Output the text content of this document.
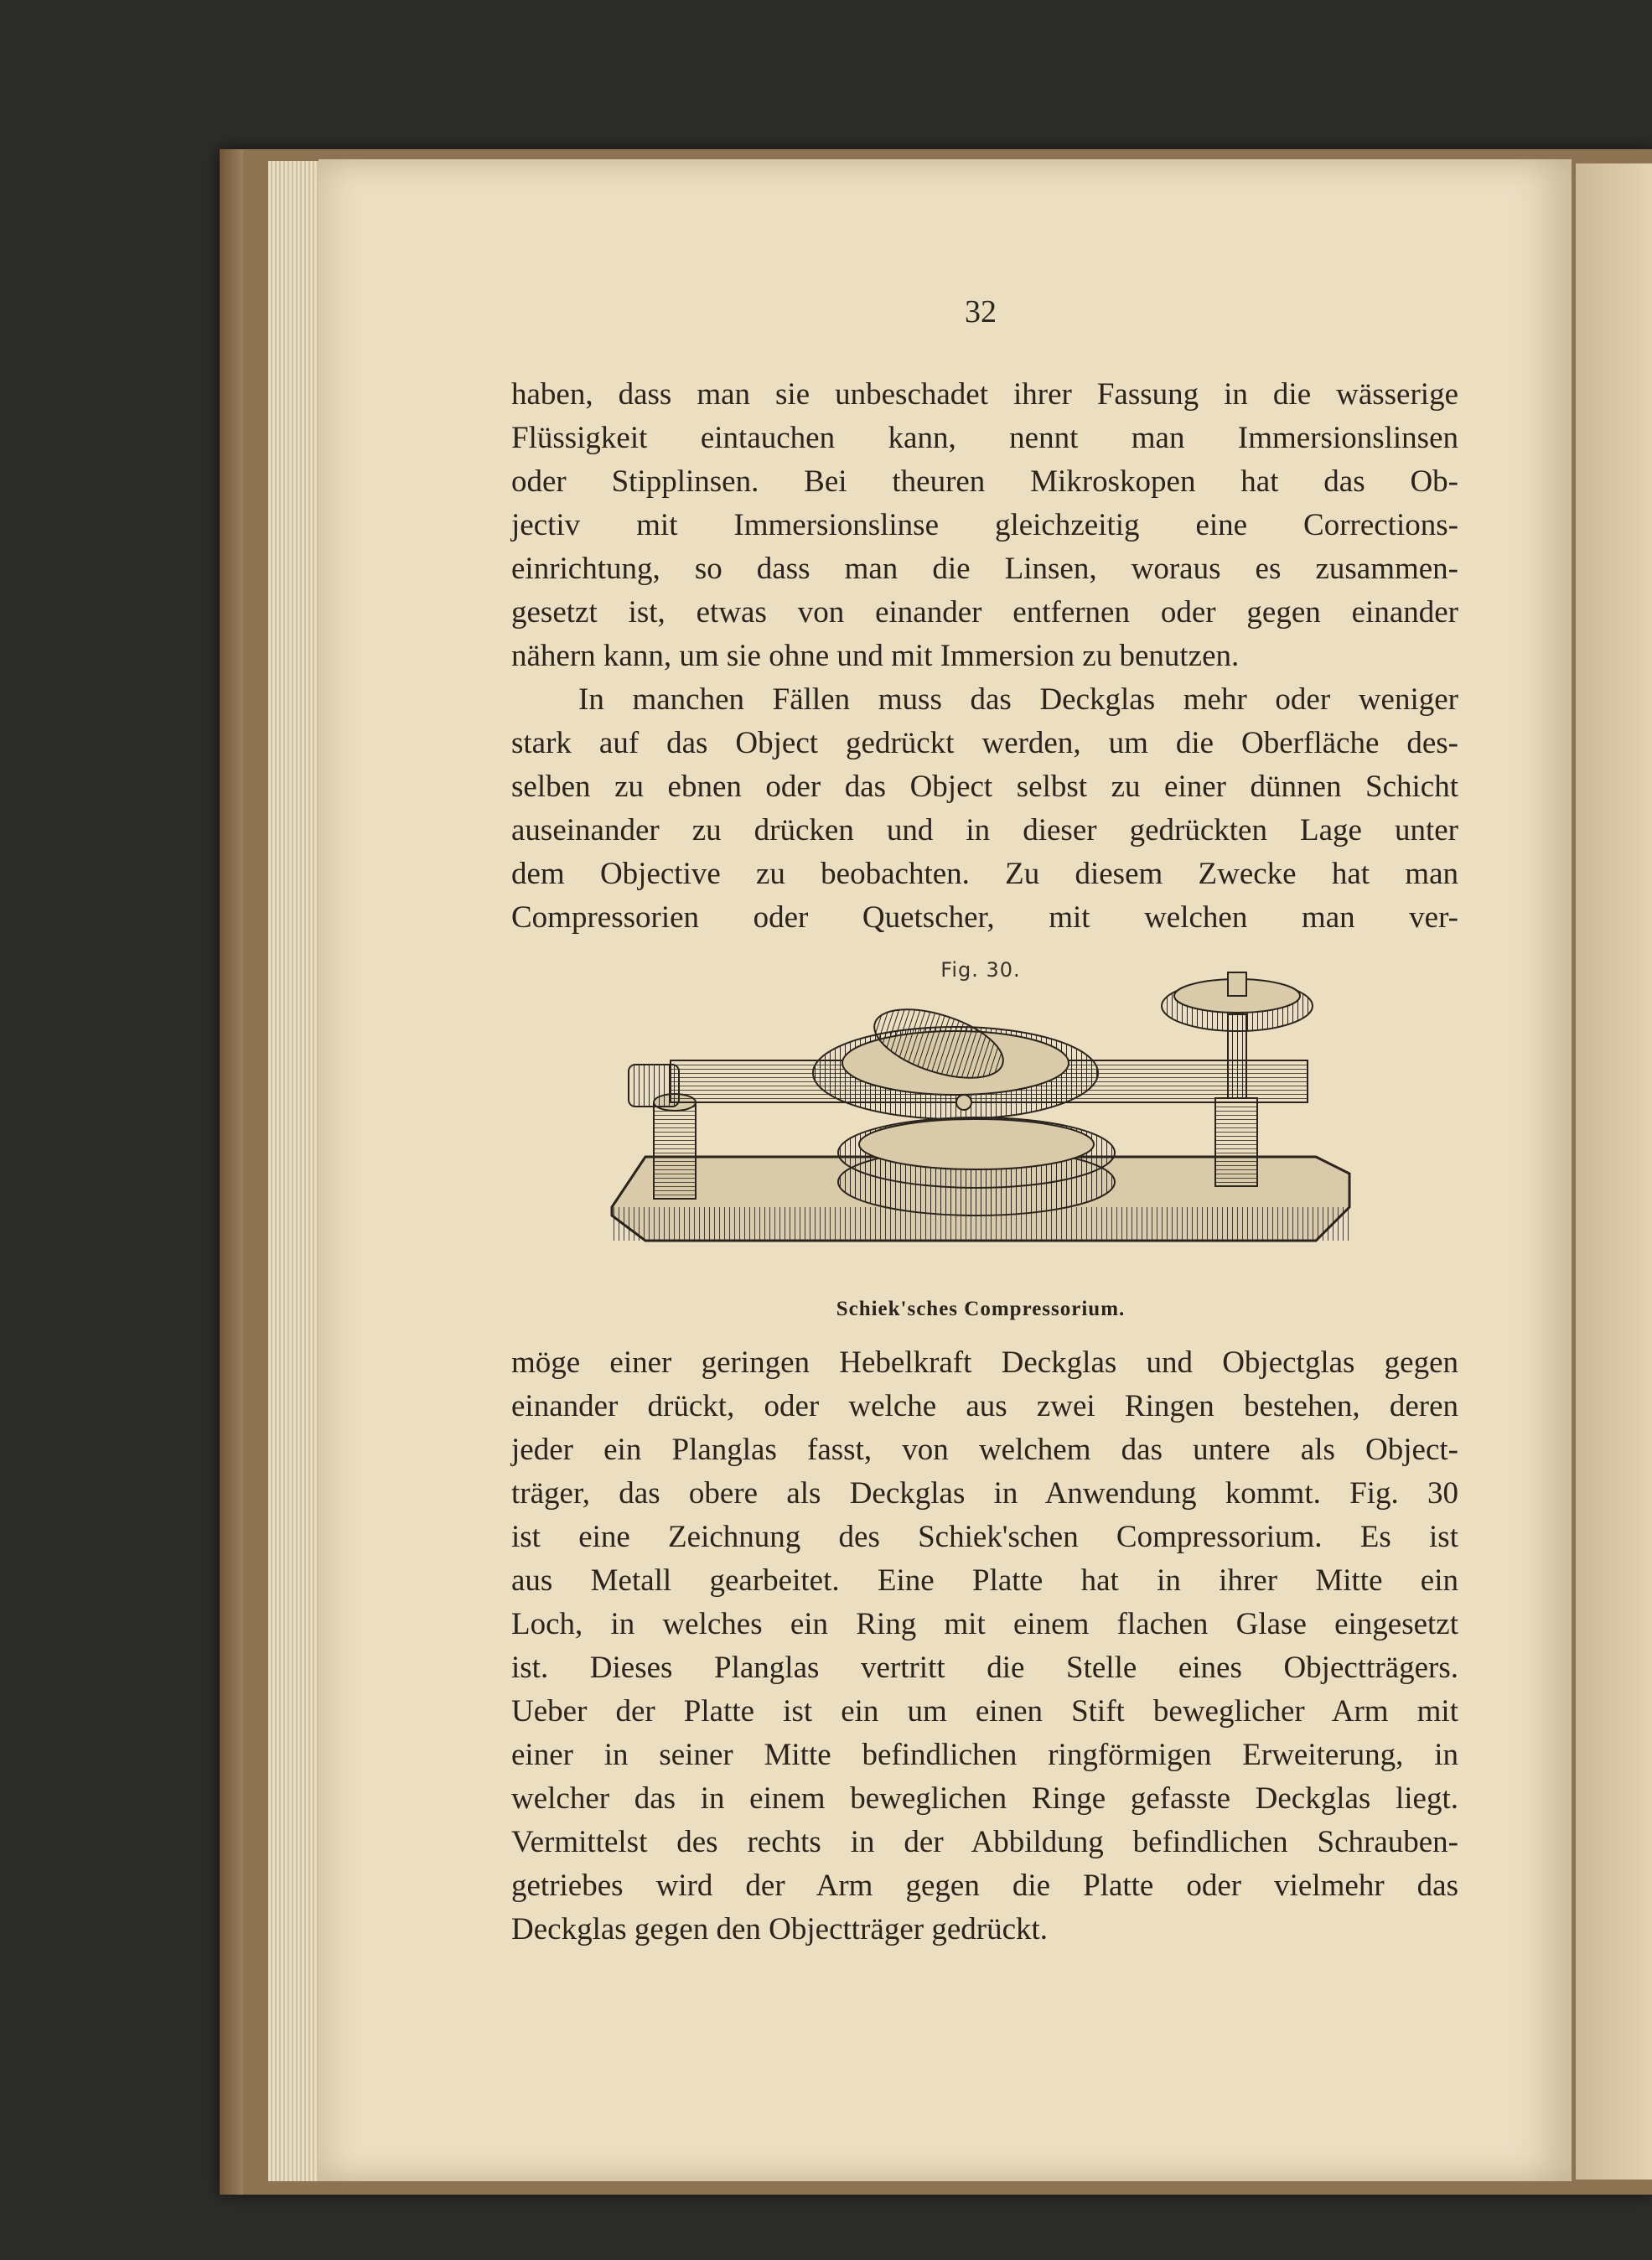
32
haben, dass man sie unbeschadet ihrer Fassung in die wässerige
Flüssigkeit eintauchen kann, nennt man Immersionslinsen
oder Stipplinsen. Bei theuren Mikroskopen hat das Ob-
jectiv mit Immersionslinse gleichzeitig eine Corrections-
einrichtung, so dass man die Linsen, woraus es zusammen-
gesetzt ist, etwas von einander entfernen oder gegen einander
nähern kann, um sie ohne und mit Immersion zu benutzen.
In manchen Fällen muss das Deckglas mehr oder weniger
stark auf das Object gedrückt werden, um die Oberfläche des-
selben zu ebnen oder das Object selbst zu einer dünnen Schicht
auseinander zu drücken und in dieser gedrückten Lage unter
dem Objective zu beobachten. Zu diesem Zwecke hat man
Compressorien oder Quetscher, mit welchen man ver-
Fig. 30.
Schiek'sches Compressorium.
möge einer geringen Hebelkraft Deckglas und Objectglas gegen
einander drückt, oder welche aus zwei Ringen bestehen, deren
jeder ein Planglas fasst, von welchem das untere als Object-
träger, das obere als Deckglas in Anwendung kommt. Fig. 30
ist eine Zeichnung des Schiek'schen Compressorium. Es ist
aus Metall gearbeitet. Eine Platte hat in ihrer Mitte ein
Loch, in welches ein Ring mit einem flachen Glase eingesetzt
ist. Dieses Planglas vertritt die Stelle eines Objectträgers.
Ueber der Platte ist ein um einen Stift beweglicher Arm mit
einer in seiner Mitte befindlichen ringförmigen Erweiterung, in
welcher das in einem beweglichen Ringe gefasste Deckglas liegt.
Vermittelst des rechts in der Abbildung befindlichen Schrauben-
getriebes wird der Arm gegen die Platte oder vielmehr das
Deckglas gegen den Objectträger gedrückt.
